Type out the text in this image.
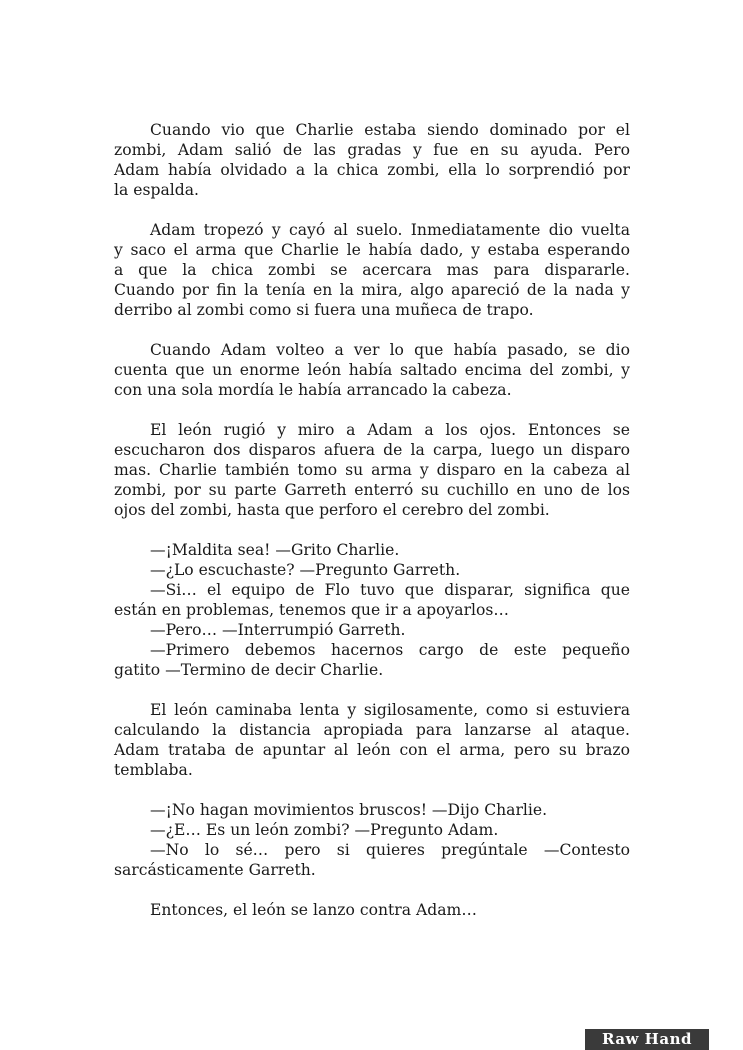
Cuando vio que Charlie estaba siendo dominado por el
zombi, Adam salió de las gradas y fue en su ayuda. Pero
Adam había olvidado a la chica zombi, ella lo sorprendió por
la espalda.
Adam tropezó y cayó al suelo. Inmediatamente dio vuelta
y saco el arma que Charlie le había dado, y estaba esperando
a que la chica zombi se acercara mas para dispararle.
Cuando por fin la tenía en la mira, algo apareció de la nada y
derribo al zombi como si fuera una muñeca de trapo.
Cuando Adam volteo a ver lo que había pasado, se dio
cuenta que un enorme león había saltado encima del zombi, y
con una sola mordía le había arrancado la cabeza.
El león rugió y miro a Adam a los ojos. Entonces se
escucharon dos disparos afuera de la carpa, luego un disparo
mas. Charlie también tomo su arma y disparo en la cabeza al
zombi, por su parte Garreth enterró su cuchillo en uno de los
ojos del zombi, hasta que perforo el cerebro del zombi.
—¡Maldita sea! —Grito Charlie.
—¿Lo escuchaste? —Pregunto Garreth.
—Si… el equipo de Flo tuvo que disparar, significa que
están en problemas, tenemos que ir a apoyarlos…
—Pero… —Interrumpió Garreth.
—Primero debemos hacernos cargo de este pequeño
gatito —Termino de decir Charlie.
El león caminaba lenta y sigilosamente, como si estuviera
calculando la distancia apropiada para lanzarse al ataque.
Adam trataba de apuntar al león con el arma, pero su brazo
temblaba.
—¡No hagan movimientos bruscos! —Dijo Charlie.
—¿E… Es un león zombi? —Pregunto Adam.
—No lo sé… pero si quieres pregúntale —Contesto
sarcásticamente Garreth.
Entonces, el león se lanzo contra Adam…
Raw Hand
